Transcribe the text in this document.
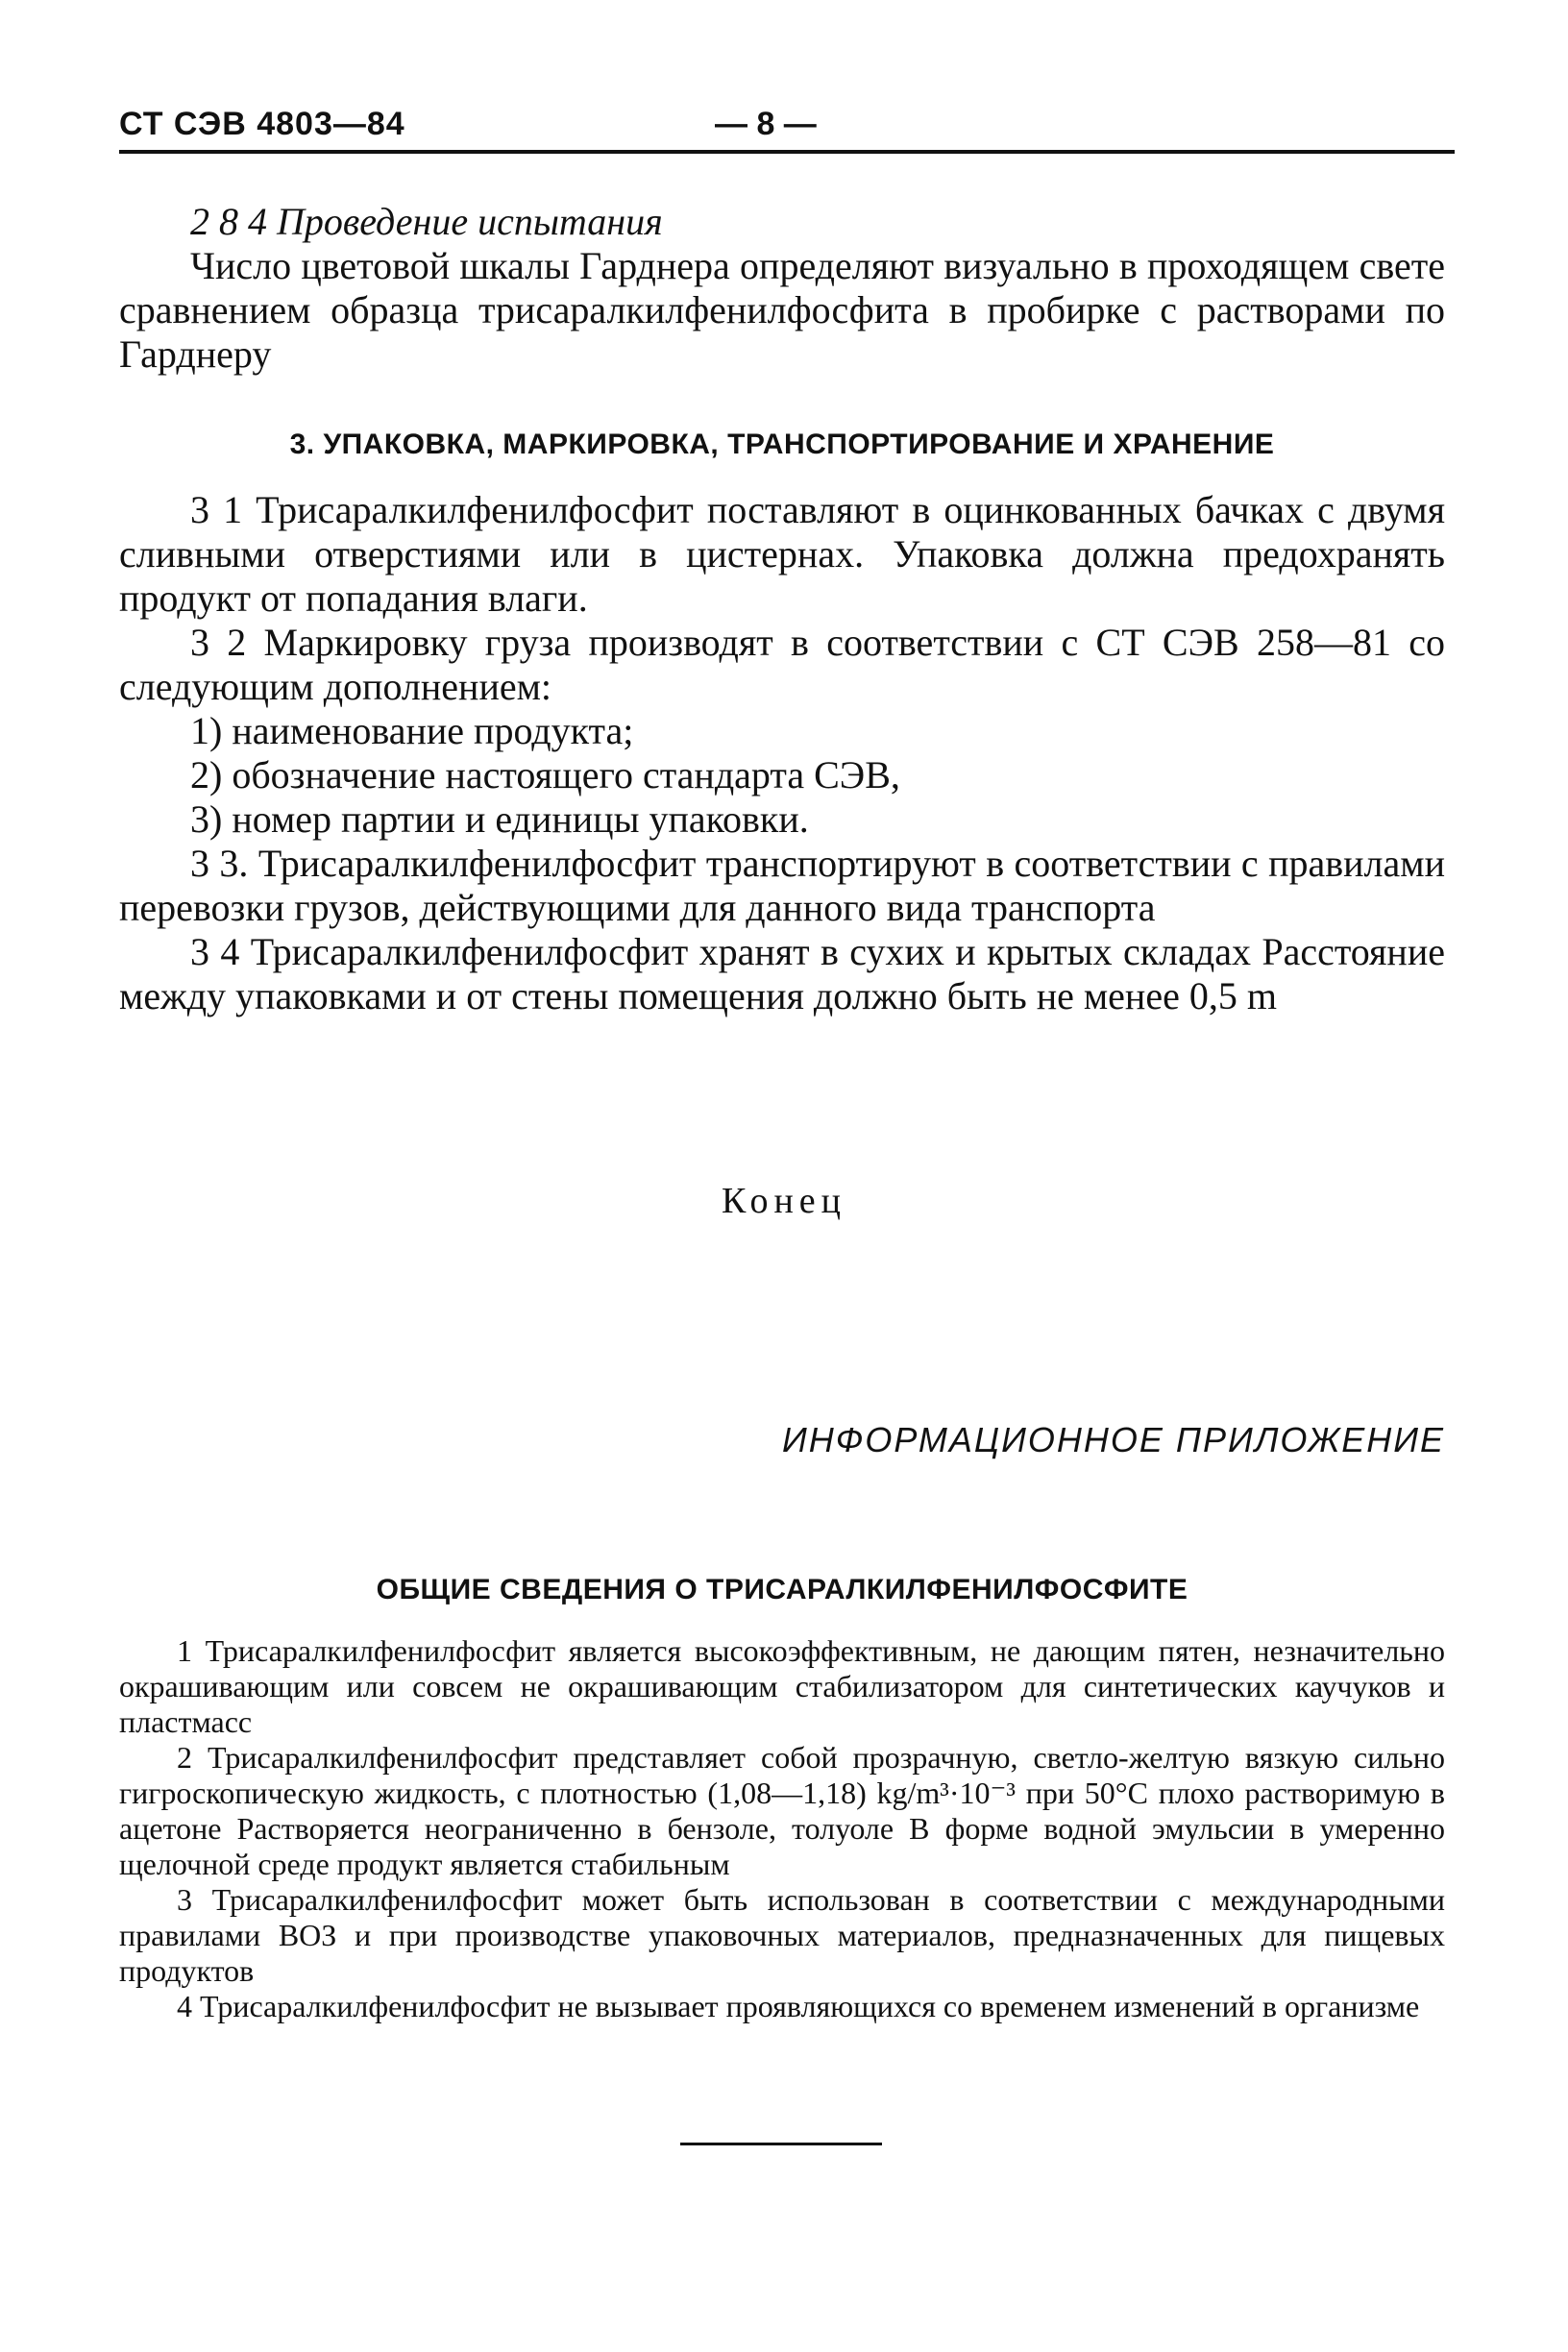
СТ СЭВ 4803—84	— 8 —

2 8 4 Проведение испытания

Число цветовой шкалы Гарднера определяют визуально в проходящем свете сравнением образца трисаралкилфенилфосфита в пробирке с растворами по Гарднеру

3. УПАКОВКА, МАРКИРОВКА, ТРАНСПОРТИРОВАНИЕ И ХРАНЕНИЕ

3 1 Трисаралкилфенилфосфит поставляют в оцинкованных бачках с двумя сливными отверстиями или в цистернах. Упаковка должна предохранять продукт от попадания влаги.

3 2 Маркировку груза производят в соответствии с СТ СЭВ 258—81 со следующим дополнением:

1) наименование продукта;

2) обозначение настоящего стандарта СЭВ,

3) номер партии и единицы упаковки.

3 3. Трисаралкилфенилфосфит транспортируют в соответствии с правилами перевозки грузов, действующими для данного вида транспорта

3 4 Трисаралкилфенилфосфит хранят в сухих и крытых складах Расстояние между упаковками и от стены помещения должно быть не менее 0,5 m

Конец
ИНФОРМАЦИОННОЕ ПРИЛОЖЕНИЕ
ОБЩИЕ СВЕДЕНИЯ О ТРИСАРАЛКИЛФЕНИЛФОСФИТЕ

1 Трисаралкилфенилфосфит является высокоэффективным, не дающим пятен, незначительно окрашивающим или совсем не окрашивающим стабилизатором для синтетических каучуков и пластмасс

2 Трисаралкилфенилфосфит представляет собой прозрачную, светло-желтую вязкую сильно гигроскопическую жидкость, с плотностью (1,08—1,18) kg/m³·10⁻³ при 50°С плохо растворимую в ацетоне Растворяется неограниченно в бензоле, толуоле В форме водной эмульсии в умеренно щелочной среде продукт является стабильным

3 Трисаралкилфенилфосфит может быть использован в соответствии с международными правилами ВОЗ и при производстве упаковочных материалов, предназначенных для пищевых продуктов

4 Трисаралкилфенилфосфит не вызывает проявляющихся со временем изменений в организме
